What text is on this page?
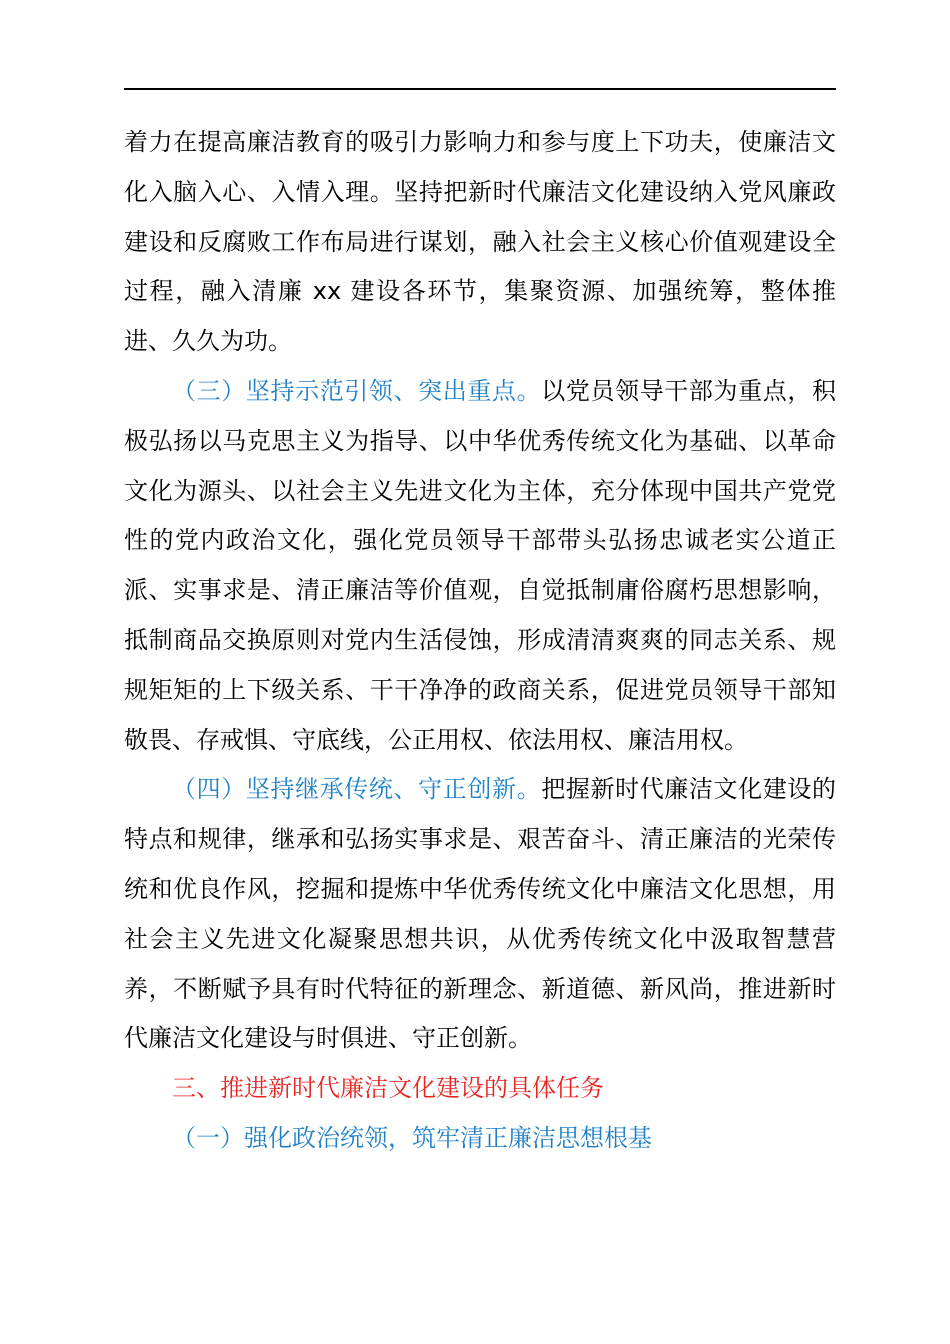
着力在提高廉洁教育的吸引力影响力和参与度上下功夫，使廉洁文化入脑入心、入情入理。坚持把新时代廉洁文化建设纳入党风廉政建设和反腐败工作布局进行谋划，融入社会主义核心价值观建设全过程，融入清廉 xx 建设各环节，集聚资源、加强统筹，整体推进、久久为功。

（三）坚持示范引领、突出重点。以党员领导干部为重点，积极弘扬以马克思主义为指导、以中华优秀传统文化为基础、以革命文化为源头、以社会主义先进文化为主体，充分体现中国共产党党性的党内政治文化，强化党员领导干部带头弘扬忠诚老实公道正派、实事求是、清正廉洁等价值观，自觉抵制庸俗腐朽思想影响，抵制商品交换原则对党内生活侵蚀，形成清清爽爽的同志关系、规规矩矩的上下级关系、干干净净的政商关系，促进党员领导干部知敬畏、存戒惧、守底线，公正用权、依法用权、廉洁用权。

（四）坚持继承传统、守正创新。把握新时代廉洁文化建设的特点和规律，继承和弘扬实事求是、艰苦奋斗、清正廉洁的光荣传统和优良作风，挖掘和提炼中华优秀传统文化中廉洁文化思想，用社会主义先进文化凝聚思想共识，从优秀传统文化中汲取智慧营养，不断赋予具有时代特征的新理念、新道德、新风尚，推进新时代廉洁文化建设与时俱进、守正创新。

三、推进新时代廉洁文化建设的具体任务

（一）强化政治统领，筑牢清正廉洁思想根基
